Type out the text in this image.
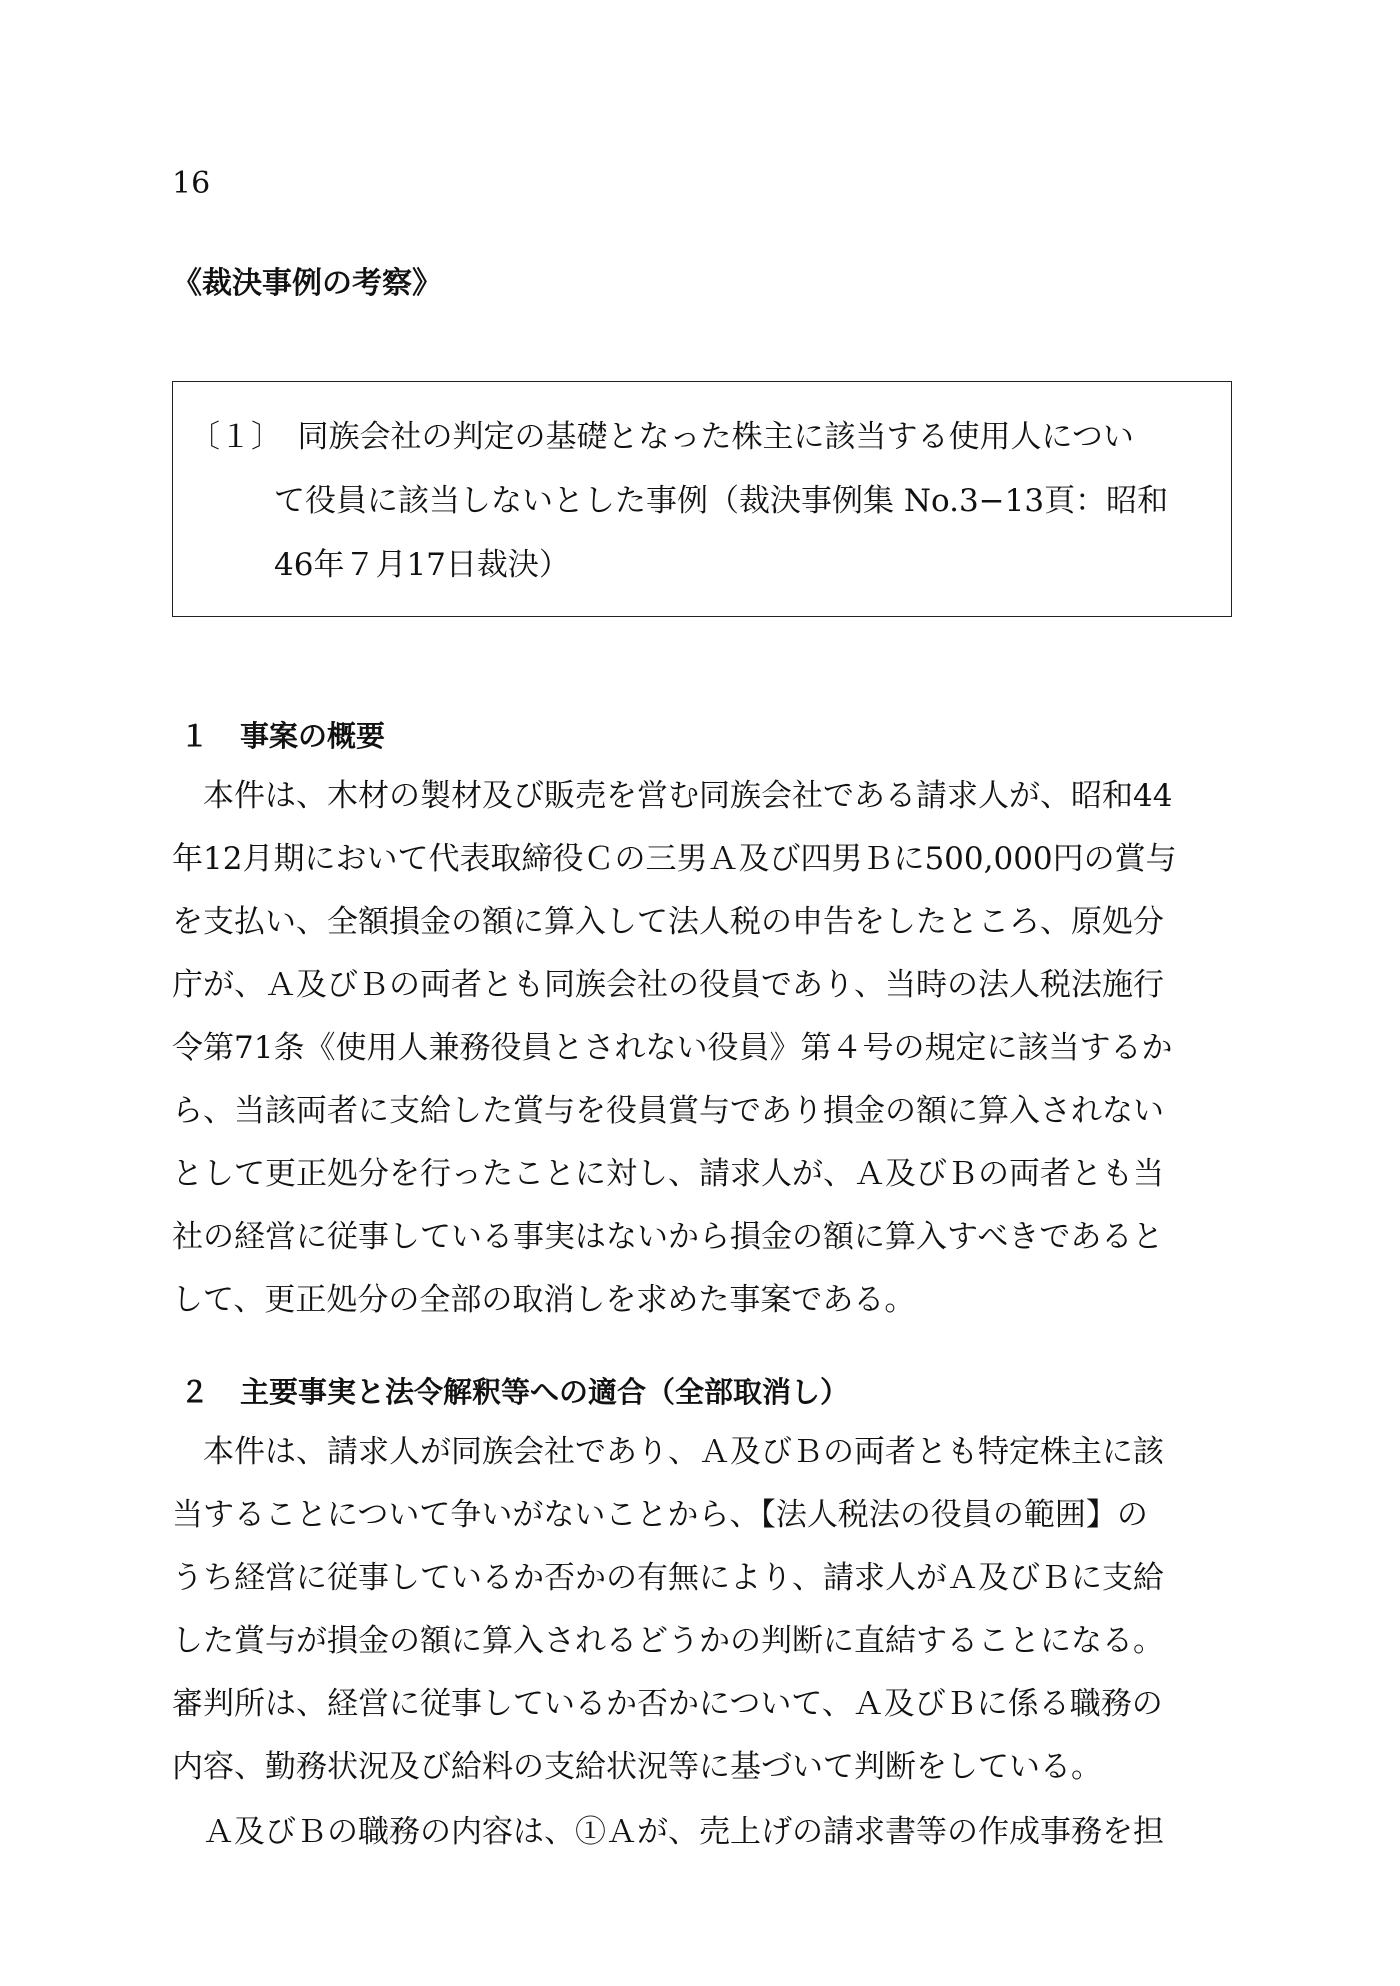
16
《裁決事例の考察》
〔１〕　同族会社の判定の基礎となった株主に該当する使用人につい
て役員に該当しないとした事例（裁決事例集 No.3−13頁：昭和
46年７月17日裁決）
１ 事案の概要
　本件は、木材の製材及び販売を営む同族会社である請求人が、昭和44
年12月期において代表取締役Ｃの三男Ａ及び四男Ｂに500,000円の賞与
を支払い、全額損金の額に算入して法人税の申告をしたところ、原処分
庁が、Ａ及びＢの両者とも同族会社の役員であり、当時の法人税法施行
令第71条《使用人兼務役員とされない役員》第４号の規定に該当するか
ら、当該両者に支給した賞与を役員賞与であり損金の額に算入されない
として更正処分を行ったことに対し、請求人が、Ａ及びＢの両者とも当
社の経営に従事している事実はないから損金の額に算入すべきであると
して、更正処分の全部の取消しを求めた事案である。
２ 主要事実と法令解釈等への適合（全部取消し）
　本件は、請求人が同族会社であり、Ａ及びＢの両者とも特定株主に該
当することについて争いがないことから、【法人税法の役員の範囲】の
うち経営に従事しているか否かの有無により、請求人がＡ及びＢに支給
した賞与が損金の額に算入されるどうかの判断に直結することになる。
審判所は、経営に従事しているか否かについて、Ａ及びＢに係る職務の
内容、勤務状況及び給料の支給状況等に基づいて判断をしている。
　Ａ及びＢの職務の内容は、①Ａが、売上げの請求書等の作成事務を担
